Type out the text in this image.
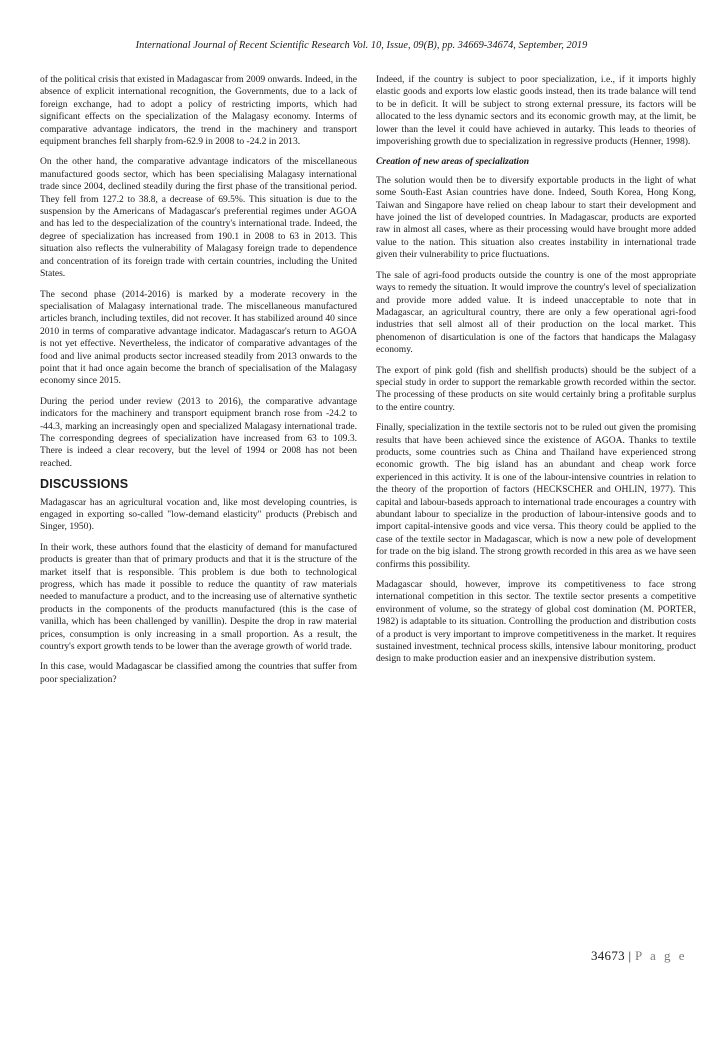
International Journal of Recent Scientific Research Vol. 10, Issue, 09(B), pp. 34669-34674, September, 2019

of the political crisis that existed in Madagascar from 2009 onwards. Indeed, in the absence of explicit international recognition, the Governments, due to a lack of foreign exchange, had to adopt a policy of restricting imports, which had significant effects on the specialization of the Malagasy economy. Interms of comparative advantage indicators, the trend in the machinery and transport equipment branches fell sharply from-62.9 in 2008 to -24.2 in 2013.

On the other hand, the comparative advantage indicators of the miscellaneous manufactured goods sector, which has been specialising Malagasy international trade since 2004, declined steadily during the first phase of the transitional period. They fell from 127.2 to 38.8, a decrease of 69.5%. This situation is due to the suspension by the Americans of Madagascar's preferential regimes under AGOA and has led to the despecialization of the country's international trade. Indeed, the degree of specialization has increased from 190.1 in 2008 to 63 in 2013. This situation also reflects the vulnerability of Malagasy foreign trade to dependence and concentration of its foreign trade with certain countries, including the United States.

The second phase (2014-2016) is marked by a moderate recovery in the specialisation of Malagasy international trade. The miscellaneous manufactured articles branch, including textiles, did not recover. It has stabilized around 40 since 2010 in terms of comparative advantage indicator. Madagascar's return to AGOA is not yet effective. Nevertheless, the indicator of comparative advantages of the food and live animal products sector increased steadily from 2013 onwards to the point that it had once again become the branch of specialisation of the Malagasy economy since 2015.

During the period under review (2013 to 2016), the comparative advantage indicators for the machinery and transport equipment branch rose from -24.2 to -44.3, marking an increasingly open and specialized Malagasy international trade. The corresponding degrees of specialization have increased from 63 to 109.3. There is indeed a clear recovery, but the level of 1994 or 2008 has not been reached.

DISCUSSIONS

Madagascar has an agricultural vocation and, like most developing countries, is engaged in exporting so-called "low-demand elasticity" products (Prebisch and Singer, 1950).

In their work, these authors found that the elasticity of demand for manufactured products is greater than that of primary products and that it is the structure of the market itself that is responsible. This problem is due both to technological progress, which has made it possible to reduce the quantity of raw materials needed to manufacture a product, and to the increasing use of alternative synthetic products in the components of the products manufactured (this is the case of vanilla, which has been challenged by vanillin). Despite the drop in raw material prices, consumption is only increasing in a small proportion. As a result, the country's export growth tends to be lower than the average growth of world trade.

In this case, would Madagascar be classified among the countries that suffer from poor specialization?

Indeed, if the country is subject to poor specialization, i.e., if it imports highly elastic goods and exports low elastic goods instead, then its trade balance will tend to be in deficit. It will be subject to strong external pressure, its factors will be allocated to the less dynamic sectors and its economic growth may, at the limit, be lower than the level it could have achieved in autarky. This leads to theories of impoverishing growth due to specialization in regressive products (Henner, 1998).

Creation of new areas of specialization

The solution would then be to diversify exportable products in the light of what some South-East Asian countries have done. Indeed, South Korea, Hong Kong, Taiwan and Singapore have relied on cheap labour to start their development and have joined the list of developed countries. In Madagascar, products are exported raw in almost all cases, where as their processing would have brought more added value to the nation. This situation also creates instability in international trade given their vulnerability to price fluctuations.

The sale of agri-food products outside the country is one of the most appropriate ways to remedy the situation. It would improve the country's level of specialization and provide more added value. It is indeed unacceptable to note that in Madagascar, an agricultural country, there are only a few operational agri-food industries that sell almost all of their production on the local market. This phenomenon of disarticulation is one of the factors that handicaps the Malagasy economy.

The export of pink gold (fish and shellfish products) should be the subject of a special study in order to support the remarkable growth recorded within the sector. The processing of these products on site would certainly bring a profitable surplus to the entire country.

Finally, specialization in the textile sectoris not to be ruled out given the promising results that have been achieved since the existence of AGOA. Thanks to textile products, some countries such as China and Thailand have experienced strong economic growth. The big island has an abundant and cheap work force experienced in this activity. It is one of the labour-intensive countries in relation to the theory of the proportion of factors (HECKSCHER and OHLIN, 1977). This capital and labour-baseds approach to international trade encourages a country with abundant labour to specialize in the production of labour-intensive goods and to import capital-intensive goods and vice versa. This theory could be applied to the case of the textile sector in Madagascar, which is now a new pole of development for trade on the big island. The strong growth recorded in this area as we have seen confirms this possibility.

Madagascar should, however, improve its competitiveness to face strong international competition in this sector. The textile sector presents a competitive environment of volume, so the strategy of global cost domination (M. PORTER, 1982) is adaptable to its situation. Controlling the production and distribution costs of a product is very important to improve competitiveness in the market. It requires sustained investment, technical process skills, intensive labour monitoring, product design to make production easier and an inexpensive distribution system.

34673 | P a g e
